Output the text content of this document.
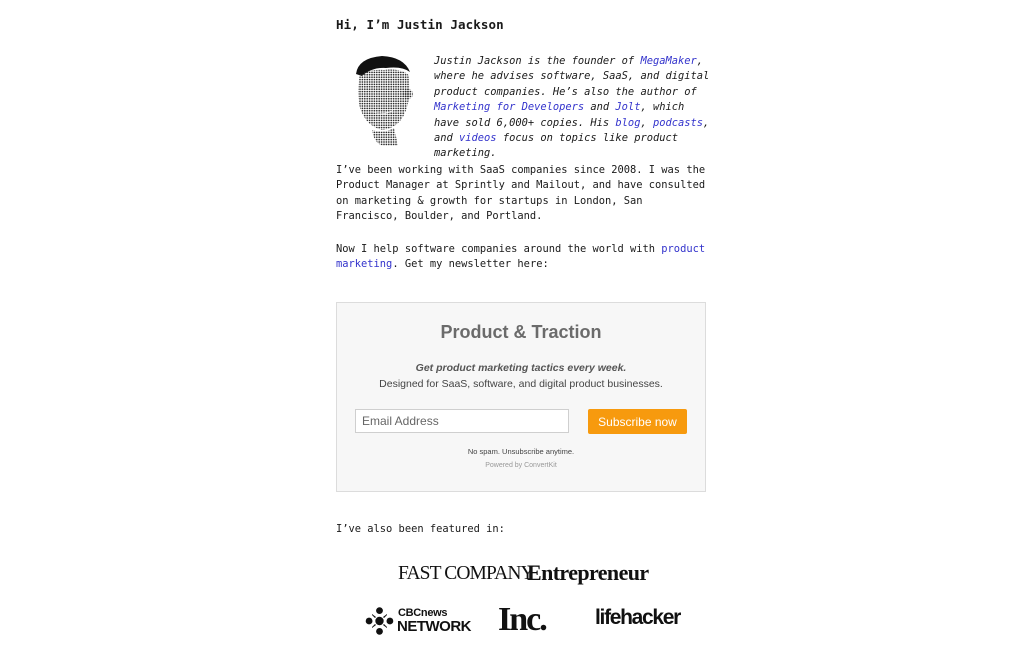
Hi, I’m Justin Jackson
Justin Jackson is the founder of MegaMaker, where he advises software, SaaS, and digital product companies. He’s also the author of Marketing for Developers and Jolt, which have sold 6,000+ copies. His blog, podcasts, and videos focus on topics like product marketing.

I’ve been working with SaaS companies since 2008. I was the Product Manager at Sprintly and Mailout, and have consulted on marketing & growth for startups in London, San Francisco, Boulder, and Portland.

Now I help software companies around the world with product marketing. Get my newsletter here:

Product & Traction
Get product marketing tactics every week.
Designed for SaaS, software, and digital product businesses.
Email Address
Subscribe now
No spam. Unsubscribe anytime.
Powered by ConvertKit

I’ve also been featured in:

FAST COMPANY
Entrepreneur
CBCnews
NETWORK Inc. lifehacker
